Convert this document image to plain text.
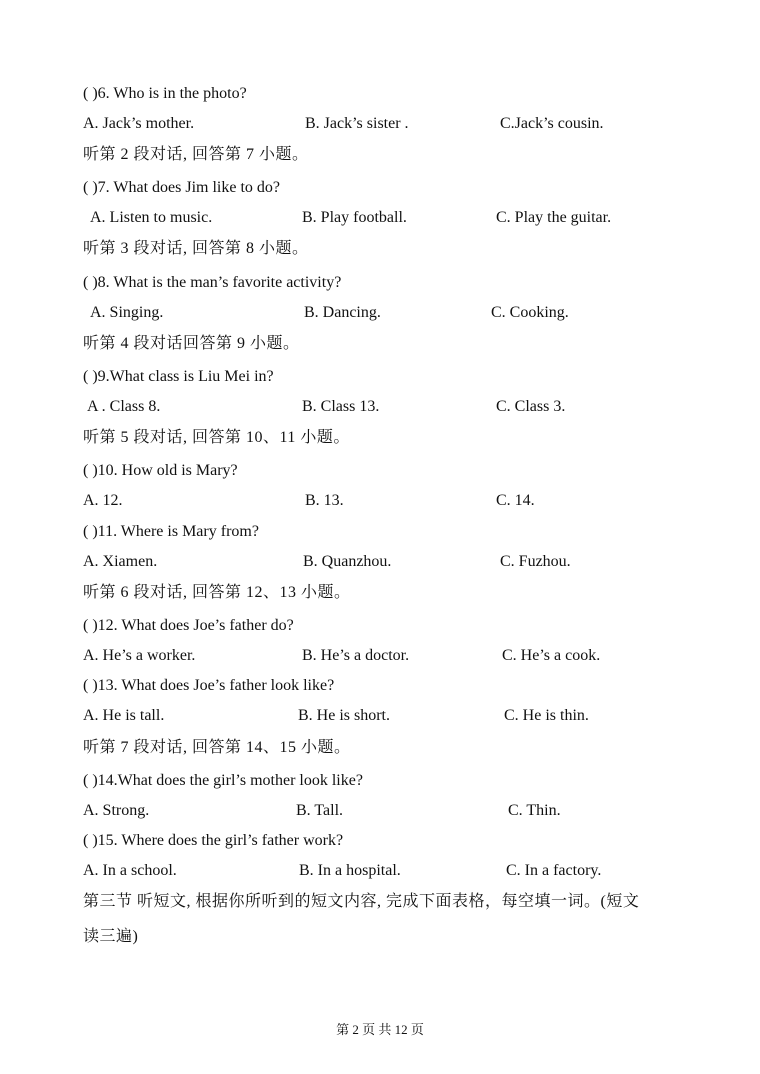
( )6. Who is in the photo?
A. Jack’s mother.	B. Jack’s sister .	C.Jack’s cousin.
听第 2 段对话, 回答第 7 小题。
( )7. What does Jim like to do?
A. Listen to music.	B. Play football.	C. Play the guitar.
听第 3 段对话, 回答第 8 小题。
( )8. What is the man’s favorite activity?
A. Singing.	B. Dancing.	C. Cooking.
听第 4 段对话回答第 9 小题。
( )9.What class is Liu Mei in?
A . Class 8.	B. Class 13.	C. Class 3.
听第 5 段对话, 回答第 10、11 小题。
( )10. How old is Mary?
A. 12.	B. 13.	C. 14.
( )11. Where is Mary from?
A. Xiamen.	B. Quanzhou.	C. Fuzhou.
听第 6 段对话, 回答第 12、13 小题。
( )12. What does Joe’s father do?
A. He’s a worker.	B. He’s a doctor.	C. He’s a cook.
( )13. What does Joe’s father look like?
A. He is tall.	B. He is short.	C. He is thin.
听第 7 段对话, 回答第 14、15 小题。
( )14.What does the girl’s mother look like?
A. Strong.	B. Tall.	C. Thin.
( )15. Where does the girl’s father work?
A. In a school.	B. In a hospital.	C. In a factory.
第三节 听短文, 根据你所听到的短文内容, 完成下面表格，每空填一词。(短文
读三遍)
第 2 页 共 12 页
